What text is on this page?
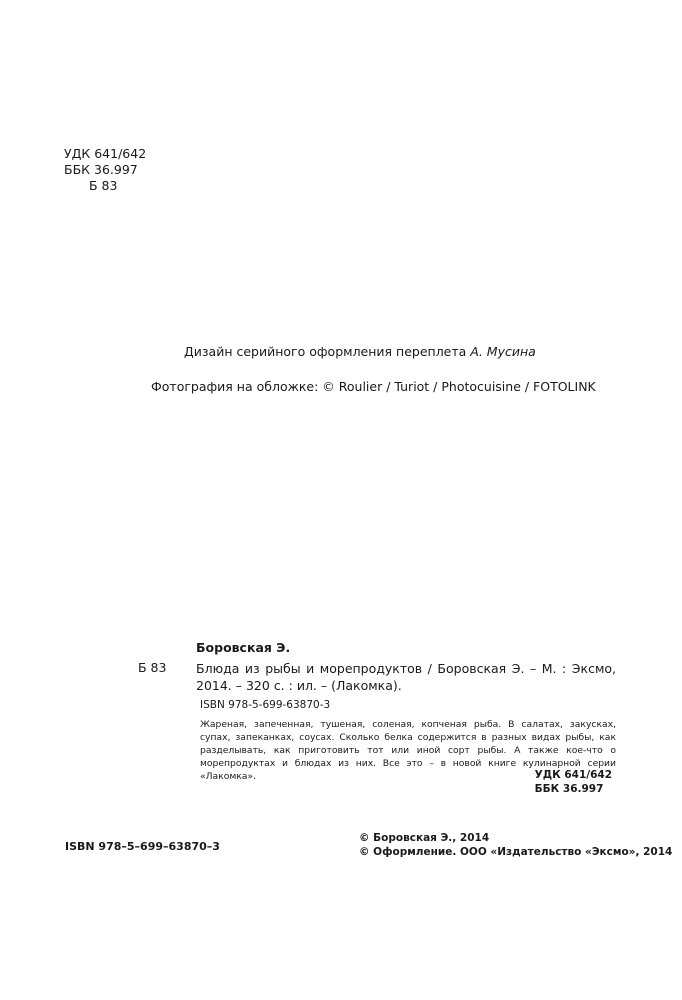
УДК 641/642
ББК 36.997
Б 83
Дизайн серийного оформления переплета А. Мусина
Фотография на обложке: © Roulier / Turiot / Photocuisine / FOTOLINK
Боровская Э.
Б 83 Блюда из рыбы и морепродуктов / Боровская Э. – М. : Эксмо, 2014. – 320 с. : ил. – (Лакомка).
ISBN 978-5-699-63870-3
Жареная, запеченная, тушеная, соленая, копченая рыба. В салатах, закусках, супах, запеканках, соусах. Сколько белка содержится в разных видах рыбы, как разделывать, как приготовить тот или иной сорт рыбы. А также кое-что о морепродуктах и блюдах из них. Все это – в новой книге кулинарной серии «Лакомка».	УДК 641/642
ББК 36.997
ISBN 978–5–699–63870–3
© Боровская Э., 2014
© Оформление. ООО «Издательство «Эксмо», 2014
